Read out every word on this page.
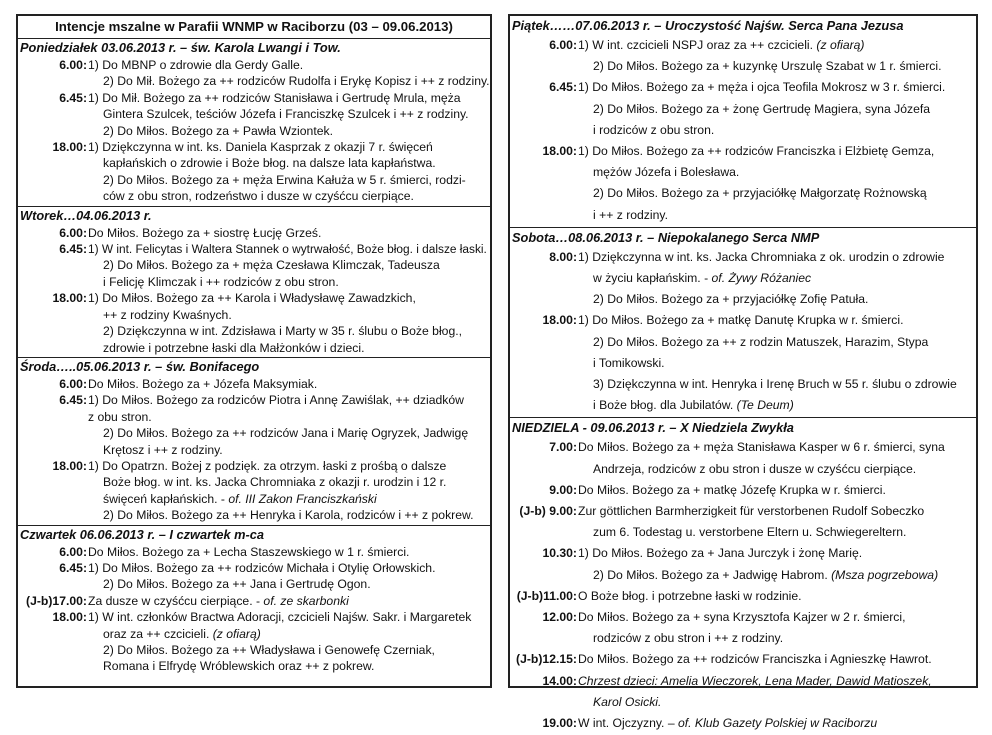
Intencje mszalne w Parafii WNMP w Raciborzu (03 – 09.06.2013)
Poniedziałek 03.06.2013 r. – św. Karola Lwangi i Tow.
6.00: 1) Do MBNP o zdrowie dla Gerdy Galle.
2) Do Mił. Bożego za ++ rodziców Rudolfa i Erykę Kopisz i ++ z rodziny.
6.45: 1) Do Mił. Bożego za ++ rodziców Stanisława i Gertrudę Mrula, męża
Gintera Szulcek, teściów Józefa i Franciszkę Szulcek i ++ z rodziny.
2) Do Miłos. Bożego za + Pawła Wziontek.
18.00: 1) Dziękczynna w int. ks. Daniela Kasprzak z okazji 7 r. święceń
kapłańskich o zdrowie i Boże błog. na dalsze lata kapłaństwa.
2) Do Miłos. Bożego za + męża Erwina Kałuża w 5 r. śmierci, rodzi-
ców z obu stron, rodzeństwo i dusze w czyśćcu cierpiące.
Wtorek…04.06.2013 r.
6.00: Do Miłos. Bożego za + siostrę Łucję Grześ.
6.45: 1) W int. Felicytas i Waltera Stannek o wytrwałość, Boże błog. i dalsze łaski.
2) Do Miłos. Bożego za + męża Czesława Klimczak, Tadeusza
i Felicję Klimczak i ++ rodziców z obu stron.
18.00: 1) Do Miłos. Bożego za ++ Karola i Władysławę Zawadzkich,
++ z rodziny Kwaśnych.
2) Dziękczynna w int. Zdzisława i Marty w 35 r. ślubu o Boże błog.,
zdrowie i potrzebne łaski dla Małżonków i dzieci.
Środa…..05.06.2013 r. – św. Bonifacego
6.00: Do Miłos. Bożego za + Józefa Maksymiak.
6.45: 1) Do Miłos. Bożego za rodziców Piotra i Annę Zawiślak, ++ dziadków
z obu stron.
2) Do Miłos. Bożego za ++ rodziców Jana i Marię Ogryzek, Jadwigę
Krętosz i ++ z rodziny.
18.00: 1) Do Opatrzn. Bożej z podzięk. za otrzym. łaski z prośbą o dalsze
Boże błog. w int. ks. Jacka Chromniaka z okazji r. urodzin i 12 r.
święceń kapłańskich. - of. III Zakon Franciszkański
2) Do Miłos. Bożego za ++ Henryka i Karola, rodziców i ++ z pokrew.
Czwartek 06.06.2013 r. – I czwartek m-ca
6.00: Do Miłos. Bożego za + Lecha Staszewskiego w 1 r. śmierci.
6.45: 1) Do Miłos. Bożego za ++ rodziców Michała i Otylię Orłowskich.
2) Do Miłos. Bożego za ++ Jana i Gertrudę Ogon.
(J-b)17.00: Za dusze w czyśćcu cierpiące. - of. ze skarbonki
18.00: 1) W int. członków Bractwa Adoracji, czcicieli Najśw. Sakr. i Margaretek
oraz za ++ czcicieli. (z ofiarą)
2) Do Miłos. Bożego za ++ Władysława i Genowefę Czerniak,
Romana i Elfrydę Wróblewskich oraz ++ z pokrew.
Piątek……07.06.2013 r. – Uroczystość Najśw. Serca Pana Jezusa
6.00: 1) W int. czcicieli NSPJ oraz za ++ czcicieli. (z ofiarą)
2) Do Miłos. Bożego za + kuzynkę Urszulę Szabat w 1 r. śmierci.
6.45: 1) Do Miłos. Bożego za + męża i ojca Teofila Mokrosz w 3 r. śmierci.
2) Do Miłos. Bożego za + żonę Gertrudę Magiera, syna Józefa
i rodziców z obu stron.
18.00: 1) Do Miłos. Bożego za ++ rodziców Franciszka i Elżbietę Gemza,
mężów Józefa i Bolesława.
2) Do Miłos. Bożego za + przyjaciółkę Małgorzatę Rożnowską
i ++ z rodziny.
Sobota…08.06.2013 r. – Niepokalanego Serca NMP
8.00: 1) Dziękczynna w int. ks. Jacka Chromniaka z ok. urodzin o zdrowie
w życiu kapłańskim. - of. Żywy Różaniec
2) Do Miłos. Bożego za + przyjaciółkę Zofię Patuła.
18.00: 1) Do Miłos. Bożego za + matkę Danutę Krupka w r. śmierci.
2) Do Miłos. Bożego za ++ z rodzin Matuszek, Harazim, Stypa
i Tomikowski.
3) Dziękczynna w int. Henryka i Irenę Bruch w 55 r. ślubu o zdrowie
i Boże błog. dla Jubilatów. (Te Deum)
NIEDZIELA - 09.06.2013 r. – X Niedziela Zwykła
7.00: Do Miłos. Bożego za + męża Stanisława Kasper w 6 r. śmierci, syna
Andrzeja, rodziców z obu stron i dusze w czyśćcu cierpiące.
9.00: Do Miłos. Bożego za + matkę Józefę Krupka w r. śmierci.
(J-b) 9.00: Zur göttlichen Barmherzigkeit für verstorbenen Rudolf Sobeczko
zum 6. Todestag u. verstorbene Eltern u. Schwiegereltern.
10.30: 1) Do Miłos. Bożego za + Jana Jurczyk i żonę Marię.
2) Do Miłos. Bożego za + Jadwigę Habrom. (Msza pogrzebowa)
(J-b)11.00: O Boże błog. i potrzebne łaski w rodzinie.
12.00: Do Miłos. Bożego za + syna Krzysztofa Kajzer w 2 r. śmierci,
rodziców z obu stron i ++ z rodziny.
(J-b)12.15: Do Miłos. Bożego za ++ rodziców Franciszka i Agnieszkę Hawrot.
14.00: Chrzest dzieci: Amelia Wieczorek, Lena Mader, Dawid Matioszek,
Karol Osicki.
19.00: W int. Ojczyzny. – of. Klub Gazety Polskiej w Raciborzu
